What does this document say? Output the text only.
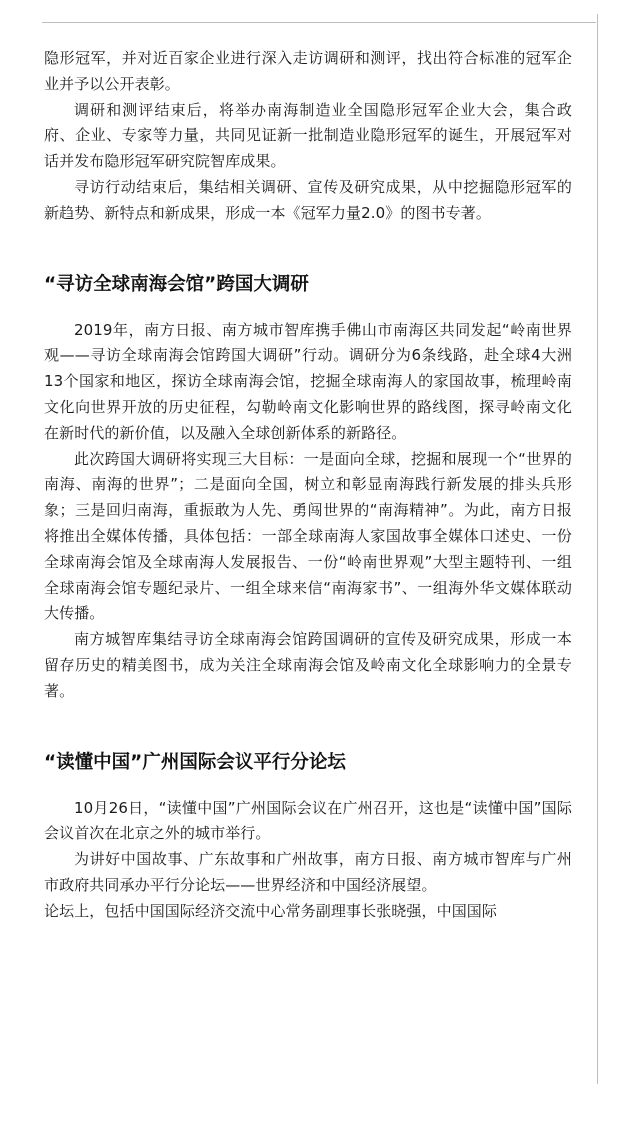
隐形冠军，并对近百家企业进行深入走访调研和测评，找出符合标准的冠军企业并予以公开表彰。

调研和测评结束后，将举办南海制造业全国隐形冠军企业大会，集合政府、企业、专家等力量，共同见证新一批制造业隐形冠军的诞生，开展冠军对话并发布隐形冠军研究院智库成果。

寻访行动结束后，集结相关调研、宣传及研究成果，从中挖掘隐形冠军的新趋势、新特点和新成果，形成一本《冠军力量2.0》的图书专著。

“寻访全球南海会馆”跨国大调研

2019年，南方日报、南方城市智库携手佛山市南海区共同发起“岭南世界观——寻访全球南海会馆跨国大调研”行动。调研分为6条线路，赴全球4大洲13个国家和地区，探访全球南海会馆，挖掘全球南海人的家国故事，梳理岭南文化向世界开放的历史征程，勾勒岭南文化影响世界的路线图，探寻岭南文化在新时代的新价值，以及融入全球创新体系的新路径。

此次跨国大调研将实现三大目标：一是面向全球，挖掘和展现一个“世界的南海、南海的世界”；二是面向全国，树立和彰显南海践行新发展的排头兵形象；三是回归南海，重振敢为人先、勇闯世界的“南海精神”。为此，南方日报将推出全媒体传播，具体包括：一部全球南海人家国故事全媒体口述史、一份全球南海会馆及全球南海人发展报告、一份“岭南世界观”大型主题特刊、一组全球南海会馆专题纪录片、一组全球来信“南海家书”、一组海外华文媒体联动大传播。

南方城智库集结寻访全球南海会馆跨国调研的宣传及研究成果，形成一本留存历史的精美图书，成为关注全球南海会馆及岭南文化全球影响力的全景专著。

“读懂中国”广州国际会议平行分论坛

10月26日，“读懂中国”广州国际会议在广州召开，这也是“读懂中国”国际会议首次在北京之外的城市举行。

为讲好中国故事、广东故事和广州故事，南方日报、南方城市智库与广州市政府共同承办平行分论坛——世界经济和中国经济展望。

论坛上，包括中国国际经济交流中心常务副理事长张晓强，中国国际
